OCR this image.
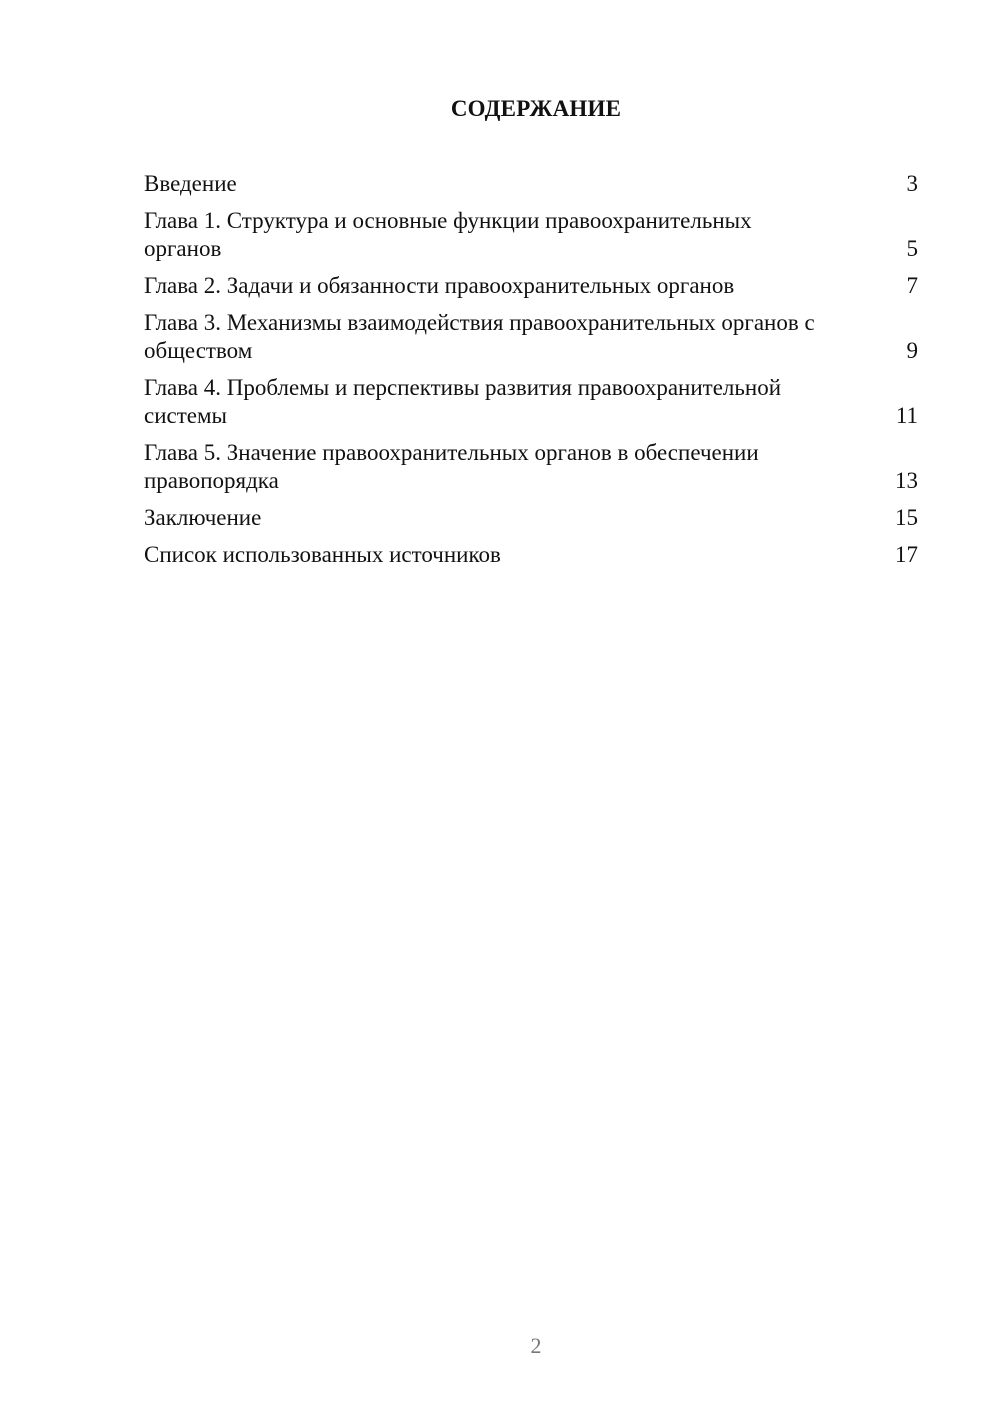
СОДЕРЖАНИЕ
Введение	3
Глава 1. Структура и основные функции правоохранительных органов	5
Глава 2. Задачи и обязанности правоохранительных органов	7
Глава 3. Механизмы взаимодействия правоохранительных органов с обществом	9
Глава 4. Проблемы и перспективы развития правоохранительной системы	11
Глава 5. Значение правоохранительных органов в обеспечении правопорядка	13
Заключение	15
Список использованных источников	17
2
